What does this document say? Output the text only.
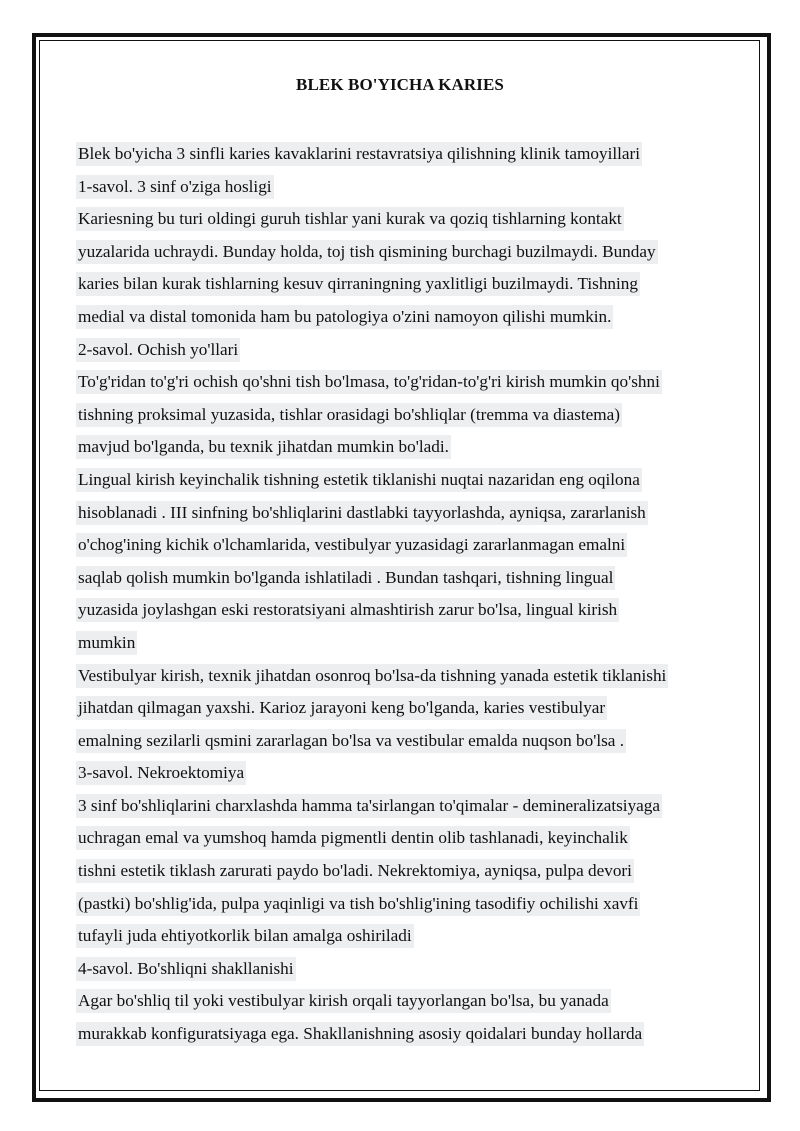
BLEK BO'YICHA KARIES
Blek bo'yicha 3 sinfli karies kavaklarini restavratsiya qilishning klinik tamoyillari
1-savol. 3 sinf o'ziga hosligi
Kariesning bu turi oldingi guruh tishlar yani kurak va qoziq tishlarning kontakt
yuzalarida uchraydi. Bunday holda, toj tish qismining burchagi buzilmaydi. Bunday
karies bilan kurak tishlarning kesuv qirraningning yaxlitligi buzilmaydi. Tishning
medial va distal tomonida ham bu patologiya o'zini namoyon qilishi mumkin.
2-savol. Ochish yo'llari
To'g'ridan to'g'ri ochish qo'shni tish bo'lmasa, to'g'ridan-to'g'ri kirish mumkin qo'shni
tishning proksimal yuzasida, tishlar orasidagi bo'shliqlar (tremma va diastema)
mavjud bo'lganda, bu texnik jihatdan mumkin bo'ladi.
Lingual kirish keyinchalik tishning estetik tiklanishi nuqtai nazaridan eng oqilona
hisoblanadi . III sinfning bo'shliqlarini dastlabki tayyorlashda, ayniqsa, zararlanish
o'chog'ining kichik o'lchamlarida, vestibulyar yuzasidagi zararlanmagan emalni
saqlab qolish mumkin bo'lganda ishlatiladi . Bundan tashqari, tishning lingual
yuzasida joylashgan eski restoratsiyani almashtirish zarur bo'lsa, lingual kirish
mumkin
Vestibulyar kirish, texnik jihatdan osonroq bo'lsa-da tishning yanada estetik tiklanishi
jihatdan qilmagan yaxshi. Karioz jarayoni keng bo'lganda, karies vestibulyar
emalning sezilarli qsmini zararlagan bo'lsa va vestibular emalda nuqson bo'lsa .
3-savol. Nekroektomiya
3 sinf bo'shliqlarini charxlashda hamma ta'sirlangan to'qimalar - demineralizatsiyaga
uchragan emal va yumshoq hamda pigmentli dentin olib tashlanadi, keyinchalik
tishni estetik tiklash zarurati paydo bo'ladi. Nekrektomiya, ayniqsa, pulpa devori
(pastki) bo'shlig'ida, pulpa yaqinligi va tish bo'shlig'ining tasodifiy ochilishi xavfi
tufayli juda ehtiyotkorlik bilan amalga oshiriladi
4-savol. Bo'shliqni shakllanishi
Agar bo'shliq til yoki vestibulyar kirish orqali tayyorlangan bo'lsa, bu yanada
murakkab konfiguratsiyaga ega. Shakllanishning asosiy qoidalari bunday hollarda
